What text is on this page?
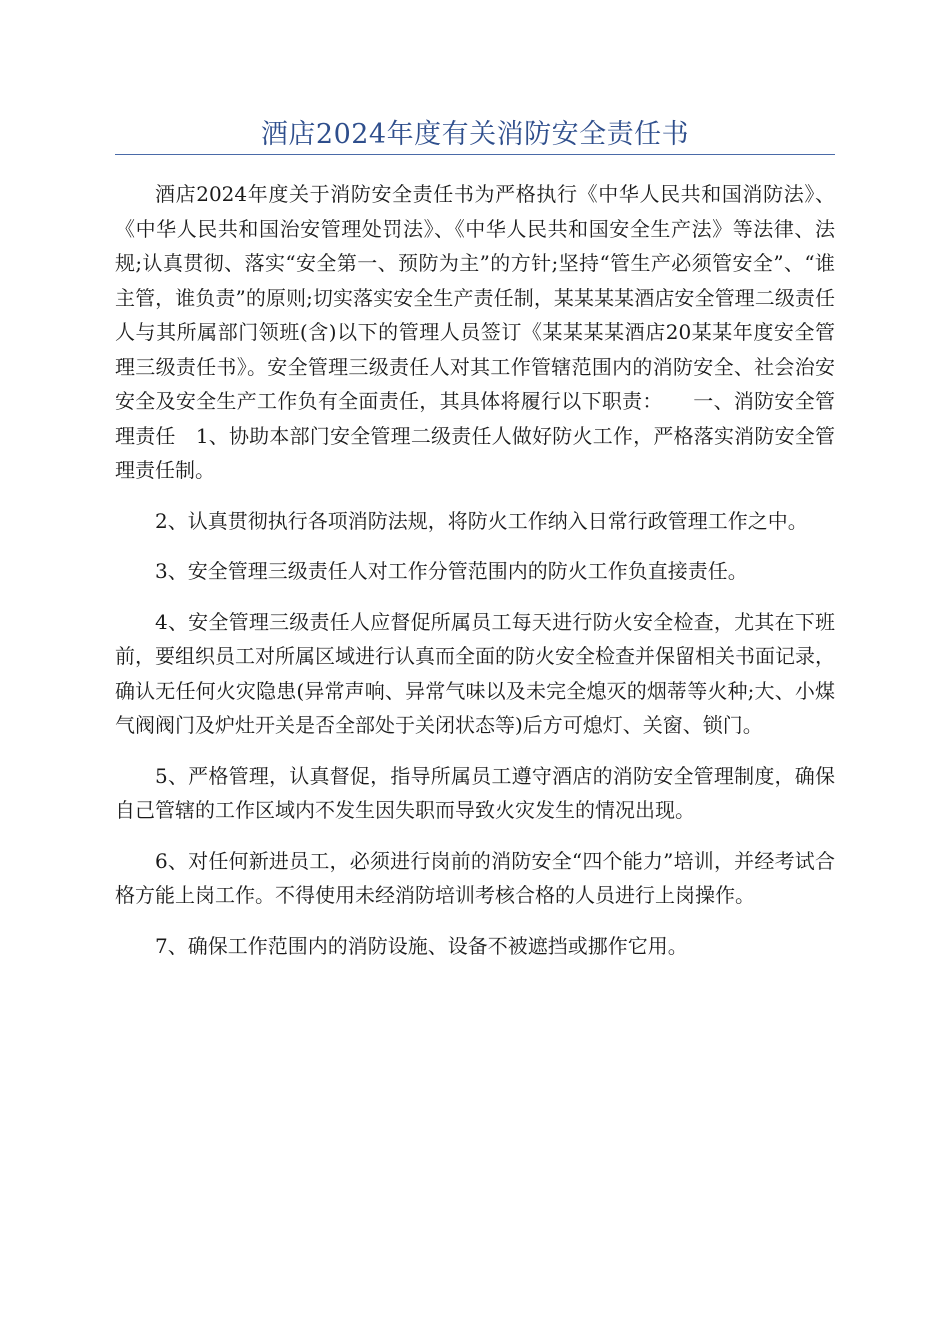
酒店2024年度有关消防安全责任书

酒店2024年度关于消防安全责任书为严格执行《中华人民共和国消防法》、《中华人民共和国治安管理处罚法》、《中华人民共和国安全生产法》等法律、法规;认真贯彻、落实“安全第一、预防为主”的方针;坚持“管生产必须管安全”、“谁主管，谁负责”的原则;切实落实安全生产责任制，某某某某酒店安全管理二级责任人与其所属部门领班(含)以下的管理人员签订《某某某某酒店20某某年度安全管理三级责任书》。安全管理三级责任人对其工作管辖范围内的消防安全、社会治安安全及安全生产工作负有全面责任，其具体将履行以下职责：　　一、消防安全管理责任　1、协助本部门安全管理二级责任人做好防火工作，严格落实消防安全管理责任制。

2、认真贯彻执行各项消防法规，将防火工作纳入日常行政管理工作之中。

3、安全管理三级责任人对工作分管范围内的防火工作负直接责任。

4、安全管理三级责任人应督促所属员工每天进行防火安全检查，尤其在下班前，要组织员工对所属区域进行认真而全面的防火安全检查并保留相关书面记录，确认无任何火灾隐患(异常声响、异常气味以及未完全熄灭的烟蒂等火种;大、小煤气阀阀门及炉灶开关是否全部处于关闭状态等)后方可熄灯、关窗、锁门。

5、严格管理，认真督促，指导所属员工遵守酒店的消防安全管理制度，确保自己管辖的工作区域内不发生因失职而导致火灾发生的情况出现。

6、对任何新进员工，必须进行岗前的消防安全“四个能力”培训，并经考试合格方能上岗工作。不得使用未经消防培训考核合格的人员进行上岗操作。

7、确保工作范围内的消防设施、设备不被遮挡或挪作它用。
